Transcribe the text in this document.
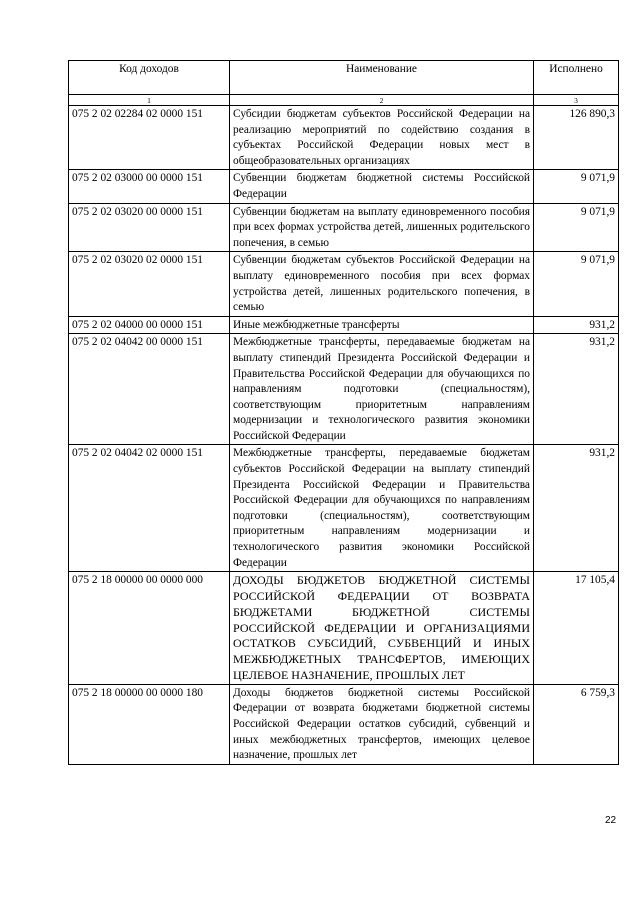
Код доходов	Наименование	Исполнено
1	2	3
075 2 02 02284 02 0000 151	Субсидии бюджетам субъектов Российской Федерации на реализацию мероприятий по содействию создания в субъектах Российской Федерации новых мест в общеобразовательных организациях	126 890,3
075 2 02 03000 00 0000 151	Субвенции бюджетам бюджетной системы Российской Федерации	9 071,9
075 2 02 03020 00 0000 151	Субвенции бюджетам на выплату единовременного пособия при всех формах устройства детей, лишенных родительского попечения, в семью	9 071,9
075 2 02 03020 02 0000 151	Субвенции бюджетам субъектов Российской Федерации на выплату единовременного пособия при всех формах устройства детей, лишенных родительского попечения, в семью	9 071,9
075 2 02 04000 00 0000 151	Иные межбюджетные трансферты	931,2
075 2 02 04042 00 0000 151	Межбюджетные трансферты, передаваемые бюджетам на выплату стипендий Президента Российской Федерации и Правительства Российской Федерации для обучающихся по направлениям подготовки (специальностям), соответствующим приоритетным направлениям модернизации и технологического развития экономики Российской Федерации	931,2
075 2 02 04042 02 0000 151	Межбюджетные трансферты, передаваемые бюджетам субъектов Российской Федерации на выплату стипендий Президента Российской Федерации и Правительства Российской Федерации для обучающихся по направлениям подготовки (специальностям), соответствующим приоритетным направлениям модернизации и технологического развития экономики Российской Федерации	931,2
075 2 18 00000 00 0000 000	ДОХОДЫ БЮДЖЕТОВ БЮДЖЕТНОЙ СИСТЕМЫ РОССИЙСКОЙ ФЕДЕРАЦИИ ОТ ВОЗВРАТА БЮДЖЕТАМИ БЮДЖЕТНОЙ СИСТЕМЫ РОССИЙСКОЙ ФЕДЕРАЦИИ И ОРГАНИЗАЦИЯМИ ОСТАТКОВ СУБСИДИЙ, СУБВЕНЦИЙ И ИНЫХ МЕЖБЮДЖЕТНЫХ ТРАНСФЕРТОВ, ИМЕЮЩИХ ЦЕЛЕВОЕ НАЗНАЧЕНИЕ, ПРОШЛЫХ ЛЕТ	17 105,4
075 2 18 00000 00 0000 180	Доходы бюджетов бюджетной системы Российской Федерации от возврата бюджетами бюджетной системы Российской Федерации остатков субсидий, субвенций и иных межбюджетных трансфертов, имеющих целевое назначение, прошлых лет	6 759,3
22
